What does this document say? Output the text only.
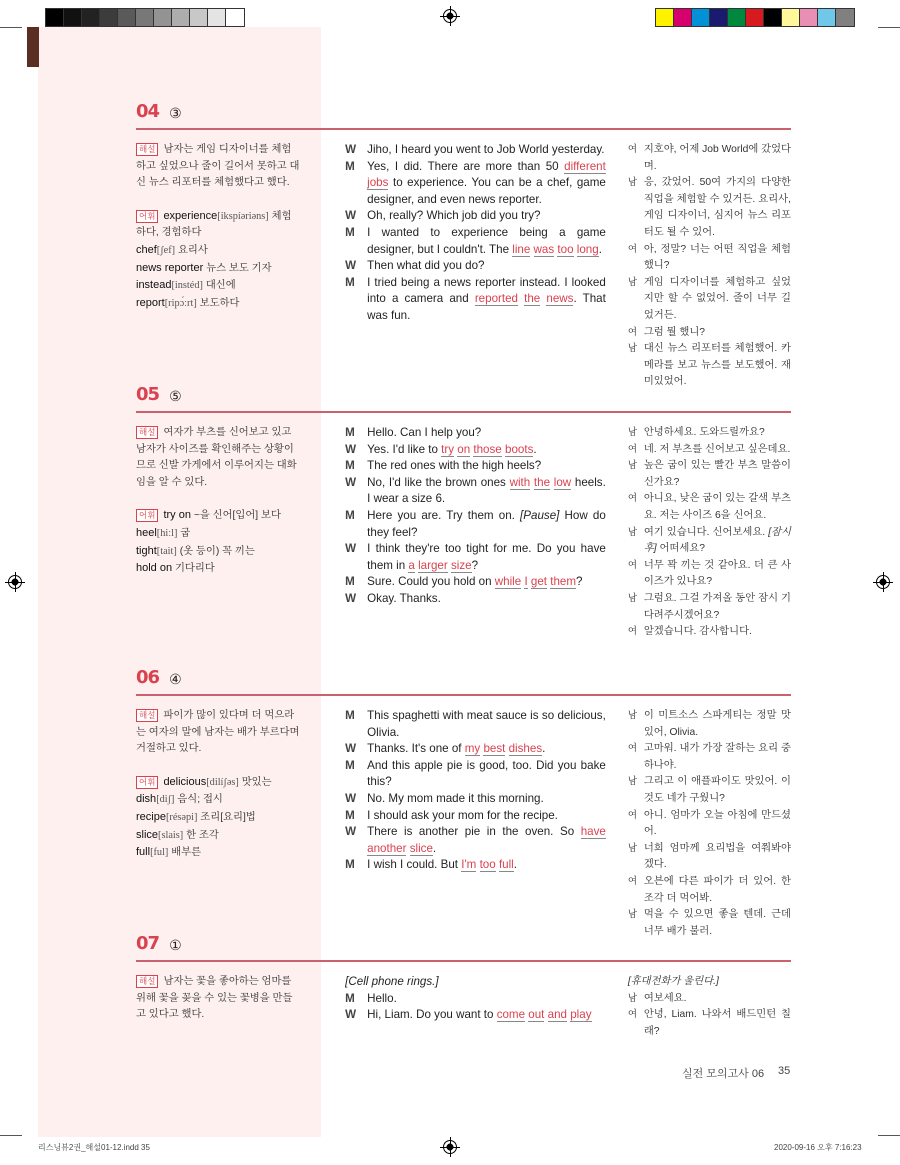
04 ③
해설 남자는 게임 디자이너를 체험하고 싶었으나 줄이 길어서 못하고 대신 뉴스 리포터를 체험했다고 했다.
어휘 experience[ikspíəriəns] 체험하다, 경험하다
chef[ʃef] 요리사
news reporter 뉴스 보도 기자
instead[instéd] 대신에
report[ripɔ́ːrt] 보도하다
W Jiho, I heard you went to Job World yesterday.
M	Yes, I did. There are more than 50 different jobs to experience. You can be a chef, game designer, and even news reporter.
W Oh, really? Which job did you try?
M	I wanted to experience being a game designer, but I couldn't. The line was too long.
W Then what did you do?
M	I tried being a news reporter instead. I looked into a camera and reported the news. That was fun.
여 지호야, 어제 Job World에 갔었다며.
남 응, 갔었어. 50여 가지의 다양한 직업을 체험할 수 있거든. 요리사, 게임 디자이너, 심지어 뉴스 리포터도 될 수 있어.
여 아, 정말? 너는 어떤 직업을 체험했니?
남 게임 디자이너를 체험하고 싶었지만 할 수 없었어. 줄이 너무 길었거든.
여 그럼 뭘 했니?
남 대신 뉴스 리포터를 체험했어. 카메라를 보고 뉴스를 보도했어. 재미있었어.
05 ⑤
해설 여자가 부츠를 신어보고 있고 남자가 사이즈를 확인해주는 상황이므로 신발 가게에서 이루어지는 대화임을 알 수 있다.
어휘 try on ~을 신어[입어] 보다
heel[hiːl] 굽
tight[tait] (옷 등이) 꼭 끼는
hold on 기다리다
M	Hello. Can I help you?
W Yes. I'd like to try on those boots.
M	The red ones with the high heels?
W No, I'd like the brown ones with the low heels. I wear a size 6.
M	Here you are. Try them on. [Pause] How do they feel?
W I think they're too tight for me. Do you have them in a larger size?
M	Sure. Could you hold on while I get them?
W Okay. Thanks.
남 안녕하세요. 도와드릴까요?
여 네. 저 부츠를 신어보고 싶은데요.
남 높은 굽이 있는 빨간 부츠 말씀이신가요?
여 아니요, 낮은 굽이 있는 갈색 부츠요. 저는 사이즈 6을 신어요.
남 여기 있습니다. 신어보세요. [잠시 후] 어떠세요?
여 너무 꽉 끼는 것 같아요. 더 큰 사이즈가 있나요?
남 그럼요. 그걸 가져올 동안 잠시 기다려주시겠어요?
여 알겠습니다. 감사합니다.
06 ④
해설 파이가 많이 있다며 더 먹으라는 여자의 말에 남자는 배가 부르다며 거절하고 있다.
어휘 delicious[dilíʃəs] 맛있는
dish[diʃ] 음식; 접시
recipe[résəpi] 조리[요리]법
slice[slais] 한 조각
full[ful] 배부른
M	This spaghetti with meat sauce is so delicious, Olivia.
W Thanks. It's one of my best dishes.
M	And this apple pie is good, too. Did you bake this?
W No. My mom made it this morning.
M	I should ask your mom for the recipe.
W There is another pie in the oven. So have another slice.
M	I wish I could. But I'm too full.
남 이 미트소스 스파게티는 정말 맛있어, Olivia.
여 고마워. 내가 가장 잘하는 요리 중 하나야.
남 그리고 이 애플파이도 맛있어. 이것도 네가 구웠니?
여 아니. 엄마가 오늘 아침에 만드셨어.
남 너희 엄마께 요리법을 여쭤봐야겠다.
여 오븐에 다른 파이가 더 있어. 한 조각 더 먹어봐.
남 먹을 수 있으면 좋을 텐데. 근데 너무 배가 불러.
07 ①
해설 남자는 꽃을 좋아하는 엄마를 위해 꽃을 꽂을 수 있는 꽃병을 만들고 있다고 했다.
[Cell phone rings.]
M	Hello.
W Hi, Liam. Do you want to come out and play
[휴대전화가 울린다.]
남 여보세요.
여 안녕, Liam. 나와서 배드민턴 칠래?
실전 모의고사 06 35
리스닝뷰2권_해설01-12.indd 35	2020-09-16 오후 7:16:23
